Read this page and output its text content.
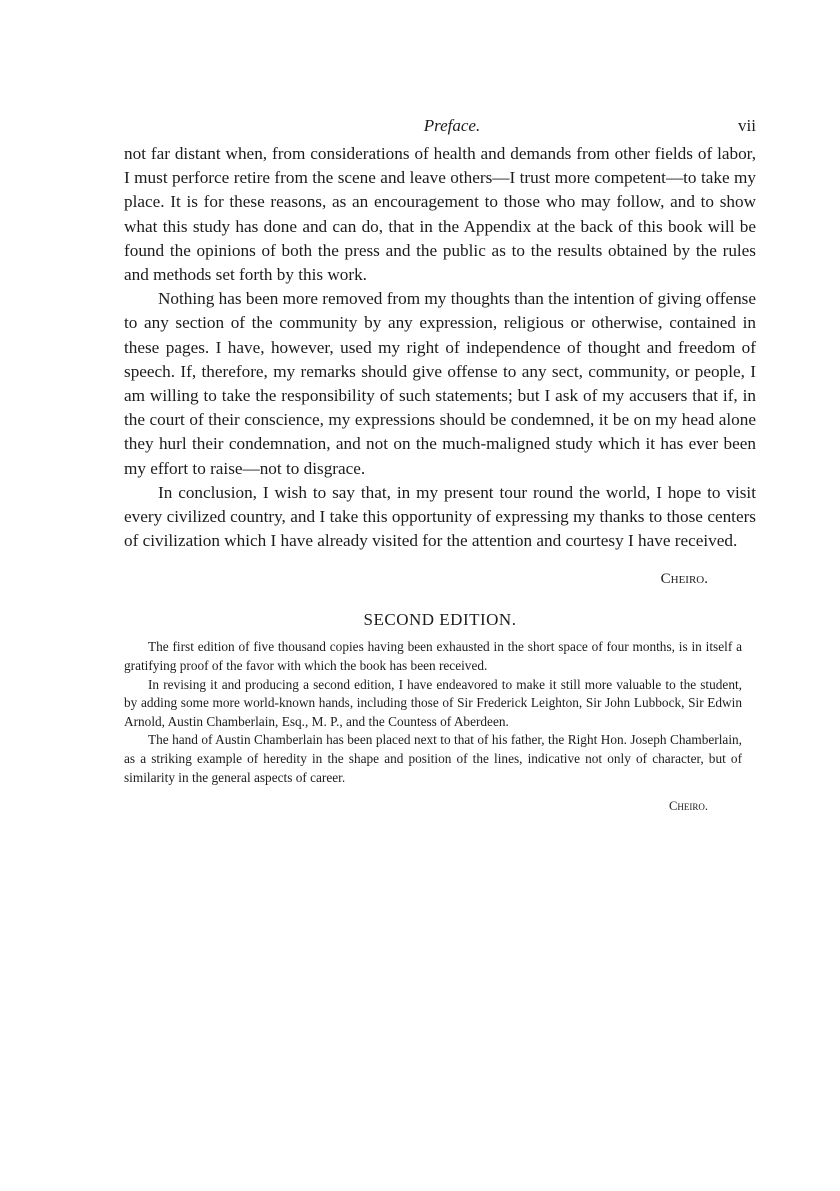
Preface.	vii

not far distant when, from considerations of health and demands from other fields of labor, I must perforce retire from the scene and leave others—I trust more competent—to take my place. It is for these reasons, as an encouragement to those who may follow, and to show what this study has done and can do, that in the Appendix at the back of this book will be found the opinions of both the press and the public as to the results obtained by the rules and methods set forth by this work.

Nothing has been more removed from my thoughts than the intention of giving offense to any section of the community by any expression, religious or otherwise, contained in these pages. I have, however, used my right of independence of thought and freedom of speech. If, therefore, my remarks should give offense to any sect, community, or people, I am willing to take the responsibility of such statements; but I ask of my accusers that if, in the court of their conscience, my expressions should be condemned, it be on my head alone they hurl their condemnation, and not on the much-maligned study which it has ever been my effort to raise—not to disgrace.

In conclusion, I wish to say that, in my present tour round the world, I hope to visit every civilized country, and I take this opportunity of expressing my thanks to those centers of civilization which I have already visited for the attention and courtesy I have received.

Cheiro.
SECOND EDITION.

The first edition of five thousand copies having been exhausted in the short space of four months, is in itself a gratifying proof of the favor with which the book has been received.

In revising it and producing a second edition, I have endeavored to make it still more valuable to the student, by adding some more world-known hands, including those of Sir Frederick Leighton, Sir John Lubbock, Sir Edwin Arnold, Austin Chamberlain, Esq., M. P., and the Countess of Aberdeen.

The hand of Austin Chamberlain has been placed next to that of his father, the Right Hon. Joseph Chamberlain, as a striking example of heredity in the shape and position of the lines, indicative not only of character, but of similarity in the general aspects of career.

Cheiro.
